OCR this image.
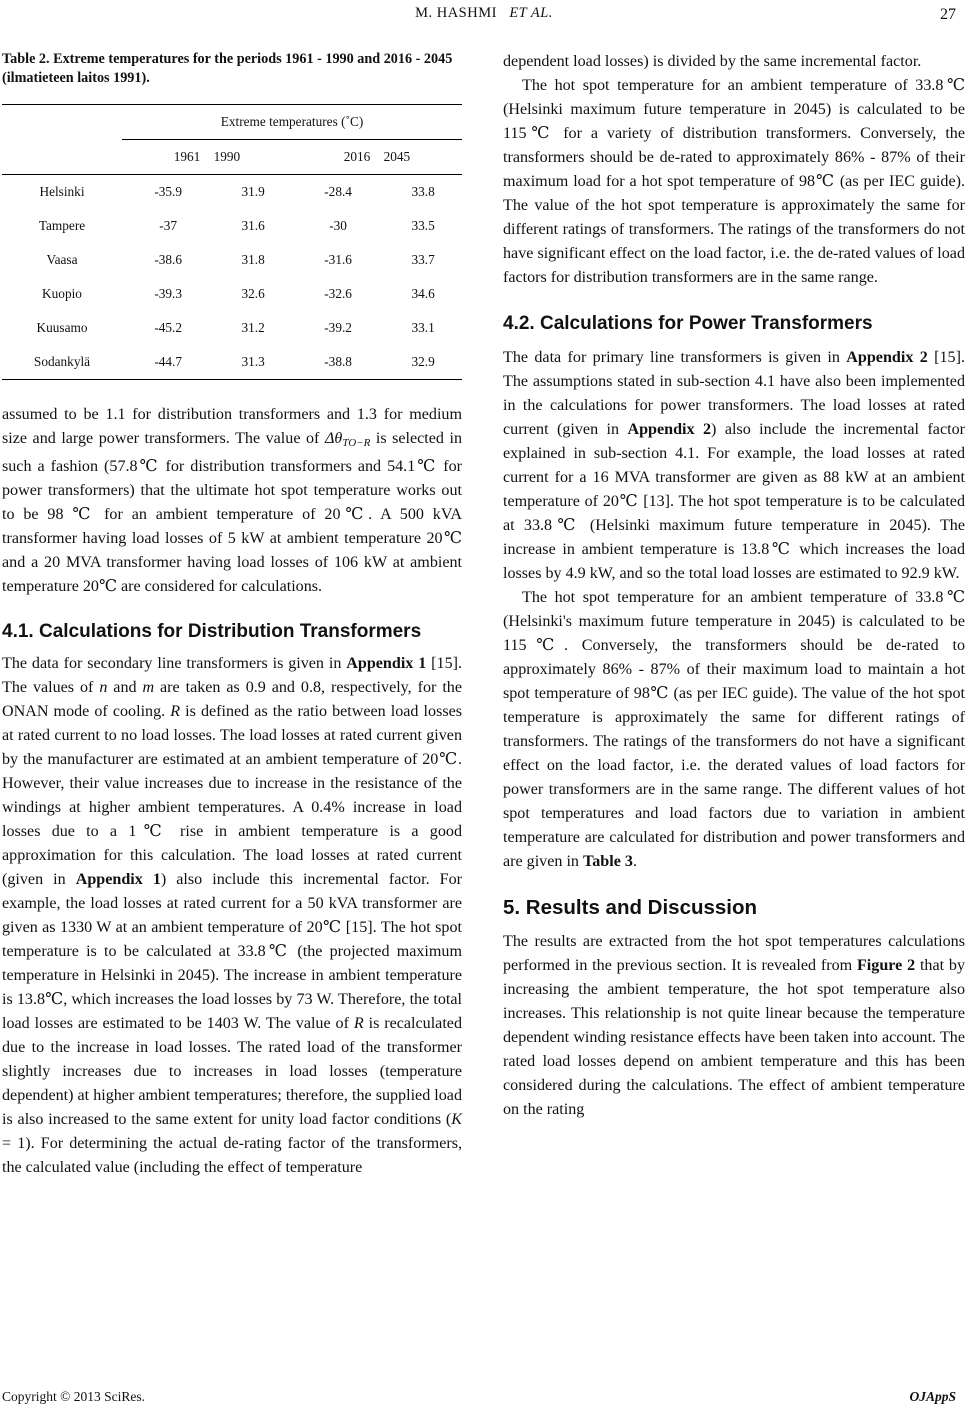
M. HASHMI ET AL.	27

Table 2. Extreme temperatures for the periods 1961 - 1990 and 2016 - 2045 (ilmatieteen laitos 1991).

	Extreme temperatures (˚C)			
	1961    1990		2016    2045	
Helsinki	-35.9	31.9	-28.4	33.8
Tampere	-37	31.6	-30	33.5
Vaasa	-38.6	31.8	-31.6	33.7
Kuopio	-39.3	32.6	-32.6	34.6
Kuusamo	-45.2	31.2	-39.2	33.1
Sodankylä	-44.7	31.3	-38.8	32.9

assumed to be 1.1 for distribution transformers and 1.3 for medium size and large power transformers. The value of $\Delta\theta_{TO-R}$ is selected in such a fashion (57.8℃ for distribution transformers and 54.1℃ for power transformers) that the ultimate hot spot temperature works out to be 98 ℃ for an ambient temperature of 20℃. A 500 kVA transformer having load losses of 5 kW at ambient temperature 20℃ and a 20 MVA transformer having load losses of 106 kW at ambient temperature 20℃ are considered for calculations.

4.1. Calculations for Distribution Transformers

The data for secondary line transformers is given in Appendix 1 [15]. The values of n and m are taken as 0.9 and 0.8, respectively, for the ONAN mode of cooling. R is defined as the ratio between load losses at rated current to no load losses. The load losses at rated current given by the manufacturer are estimated at an ambient temperature of 20℃. However, their value increases due to increase in the resistance of the windings at higher ambient temperatures. A 0.4% increase in load losses due to a 1℃ rise in ambient temperature is a good approximation for this calculation. The load losses at rated current (given in Appendix 1) also include this incremental factor. For example, the load losses at rated current for a 50 kVA transformer are given as 1330 W at an ambient temperature of 20℃ [15]. The hot spot temperature is to be calculated at 33.8℃ (the projected maximum temperature in Helsinki in 2045). The increase in ambient temperature is 13.8℃, which increases the load losses by 73 W. Therefore, the total load losses are estimated to be 1403 W. The value of R is recalculated due to the increase in load losses. The rated load of the transformer slightly increases due to increases in load losses (temperature dependent) at higher ambient temperatures; therefore, the supplied load is also increased to the same extent for unity load factor conditions (K = 1). For determining the actual de-rating factor of the transformers, the calculated value (including the effect of temperature

dependent load losses) is divided by the same incremental factor.

The hot spot temperature for an ambient temperature of 33.8℃ (Helsinki maximum future temperature in 2045) is calculated to be 115℃ for a variety of distribution transformers. Conversely, the transformers should be de-rated to approximately 86% - 87% of their maximum load for a hot spot temperature of 98℃ (as per IEC guide). The value of the hot spot temperature is approximately the same for different ratings of transformers. The ratings of the transformers do not have significant effect on the load factor, i.e. the de-rated values of load factors for distribution transformers are in the same range.

4.2. Calculations for Power Transformers

The data for primary line transformers is given in Appendix 2 [15]. The assumptions stated in sub-section 4.1 have also been implemented in the calculations for power transformers. The load losses at rated current (given in Appendix 2) also include the incremental factor explained in sub-section 4.1. For example, the load losses at rated current for a 16 MVA transformer are given as 88 kW at an ambient temperature of 20℃ [13]. The hot spot temperature is to be calculated at 33.8℃ (Helsinki maximum future temperature in 2045). The increase in ambient temperature is 13.8℃ which increases the load losses by 4.9 kW, and so the total load losses are estimated to 92.9 kW.

The hot spot temperature for an ambient temperature of 33.8℃ (Helsinki's maximum future temperature in 2045) is calculated to be 115℃. Conversely, the transformers should be de-rated to approximately 86% - 87% of their maximum load to maintain a hot spot temperature of 98℃ (as per IEC guide). The value of the hot spot temperature is approximately the same for different ratings of transformers. The ratings of the transformers do not have a significant effect on the load factor, i.e. the derated values of load factors for power transformers are in the same range. The different values of hot spot temperatures and load factors due to variation in ambient temperature are calculated for distribution and power transformers and are given in Table 3.

5. Results and Discussion

The results are extracted from the hot spot temperatures calculations performed in the previous section. It is revealed from Figure 2 that by increasing the ambient temperature, the hot spot temperature also increases. This relationship is not quite linear because the temperature dependent winding resistance effects have been taken into account. The rated load losses depend on ambient temperature and this has been considered during the calculations. The effect of ambient temperature on the rating

Copyright © 2013 SciRes.	OJAppS
